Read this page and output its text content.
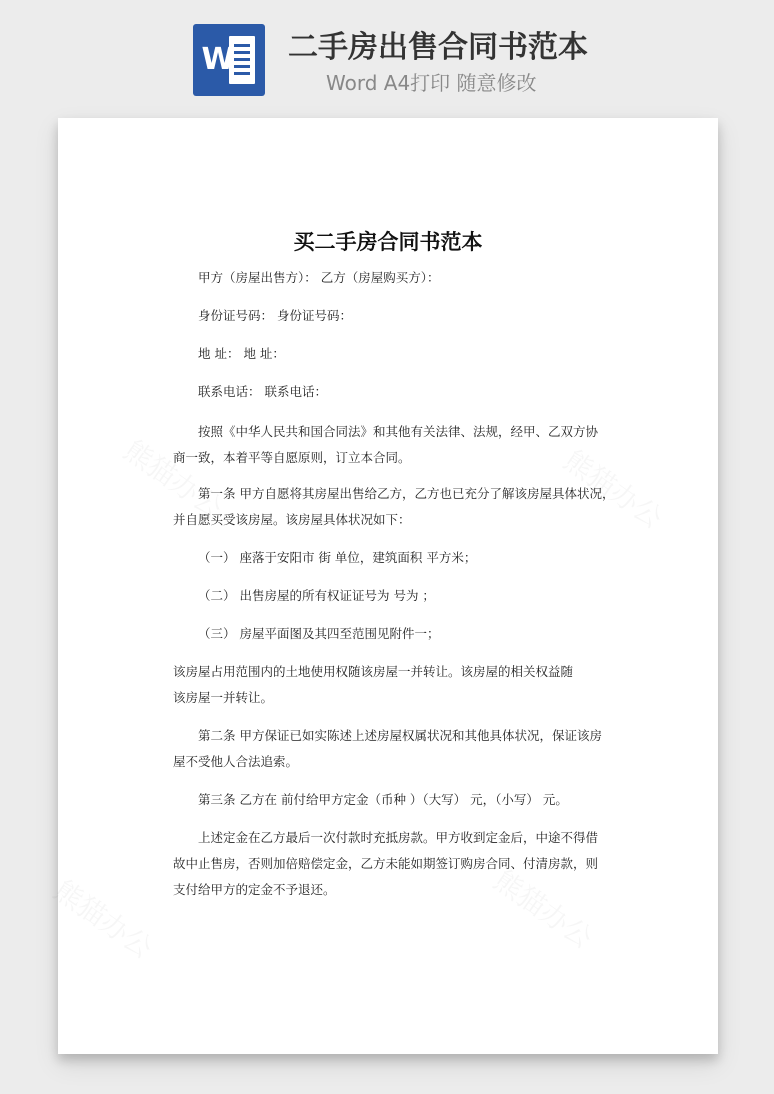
W 二手房出售合同书范本
Word A4打印 随意修改
买二手房合同书范本
甲方（房屋出售方）： 乙方（房屋购买方）：
身份证号码： 身份证号码：
地 址： 地 址：
联系电话： 联系电话：
按照《中华人民共和国合同法》和其他有关法律、法规，经甲、乙双方协
商一致，本着平等自愿原则，订立本合同。
第一条 甲方自愿将其房屋出售给乙方，乙方也已充分了解该房屋具体状况，
并自愿买受该房屋。该房屋具体状况如下：
（一） 座落于安阳市 街 单位，建筑面积 平方米；
（二） 出售房屋的所有权证证号为 号为 ；
（三） 房屋平面图及其四至范围见附件一；
该房屋占用范围内的土地使用权随该房屋一并转让。该房屋的相关权益随
该房屋一并转让。
第二条 甲方保证已如实陈述上述房屋权属状况和其他具体状况，保证该房
屋不受他人合法追索。
第三条 乙方在 前付给甲方定金（币种 ）（大写） 元，（小写） 元。
上述定金在乙方最后一次付款时充抵房款。甲方收到定金后，中途不得借
故中止售房，否则加倍赔偿定金，乙方未能如期签订购房合同、付清房款，则
支付给甲方的定金不予退还。
